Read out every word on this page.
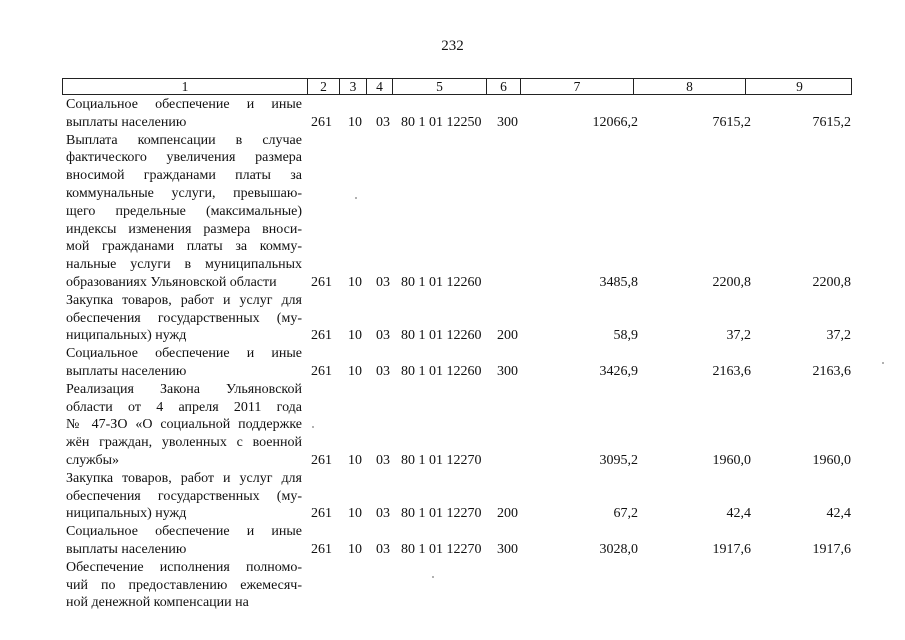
232
1	2	3	4	5	6	7	8	9
Социальное обеспечение и иные
выплаты населению	261 10 03 80 1 01 12250 300	12066,2	7615,2	7615,2
Выплата компенсации в случае
фактического увеличения размера
вносимой гражданами платы за
коммунальные услуги, превышаю-
щего предельные (максимальные)
индексы изменения размера вноси-
мой гражданами платы за комму-
нальные услуги в муниципальных
образованиях Ульяновской области	261 10 03 80 1 01 12260	3485,8	2200,8	2200,8
Закупка товаров, работ и услуг для
обеспечения государственных (му-
ниципальных) нужд	261 10 03 80 1 01 12260 200	58,9	37,2	37,2
Социальное обеспечение и иные
выплаты населению	261 10 03 80 1 01 12260 300	3426,9	2163,6	2163,6
Реализация Закона Ульяновской
области от 4 апреля 2011 года
№ 47-ЗО «О социальной поддержке
жён граждан, уволенных с военной
службы»	261 10 03 80 1 01 12270	3095,2	1960,0	1960,0
Закупка товаров, работ и услуг для
обеспечения государственных (му-
ниципальных) нужд	261 10 03 80 1 01 12270 200	67,2	42,4	42,4
Социальное обеспечение и иные
выплаты населению	261 10 03 80 1 01 12270 300	3028,0	1917,6	1917,6
Обеспечение исполнения полномо-
чий по предоставлению ежемесяч-
ной денежной компенсации на
